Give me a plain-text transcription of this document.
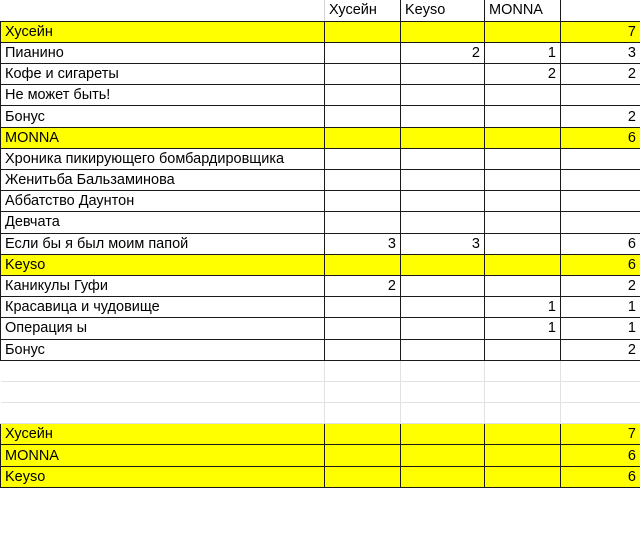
	Хусейн	Keyso	MONNA	
Хусейн				7
Пианино		2	1	3
Кофе и сигареты			2	2
Не может быть!				
Бонус				2
MONNA				6
Хроника пикирующего бомбардировщика				
Женитьба Бальзаминова				
Аббатство Даунтон				
Девчата				
Если бы я был моим папой	3	3		6
Keyso				6
Каникулы Гуфи	2			2
Красавица и чудовище			1	1
Операция ы			1	1
Бонус				2

Хусейн				7
MONNA				6
Keyso				6
